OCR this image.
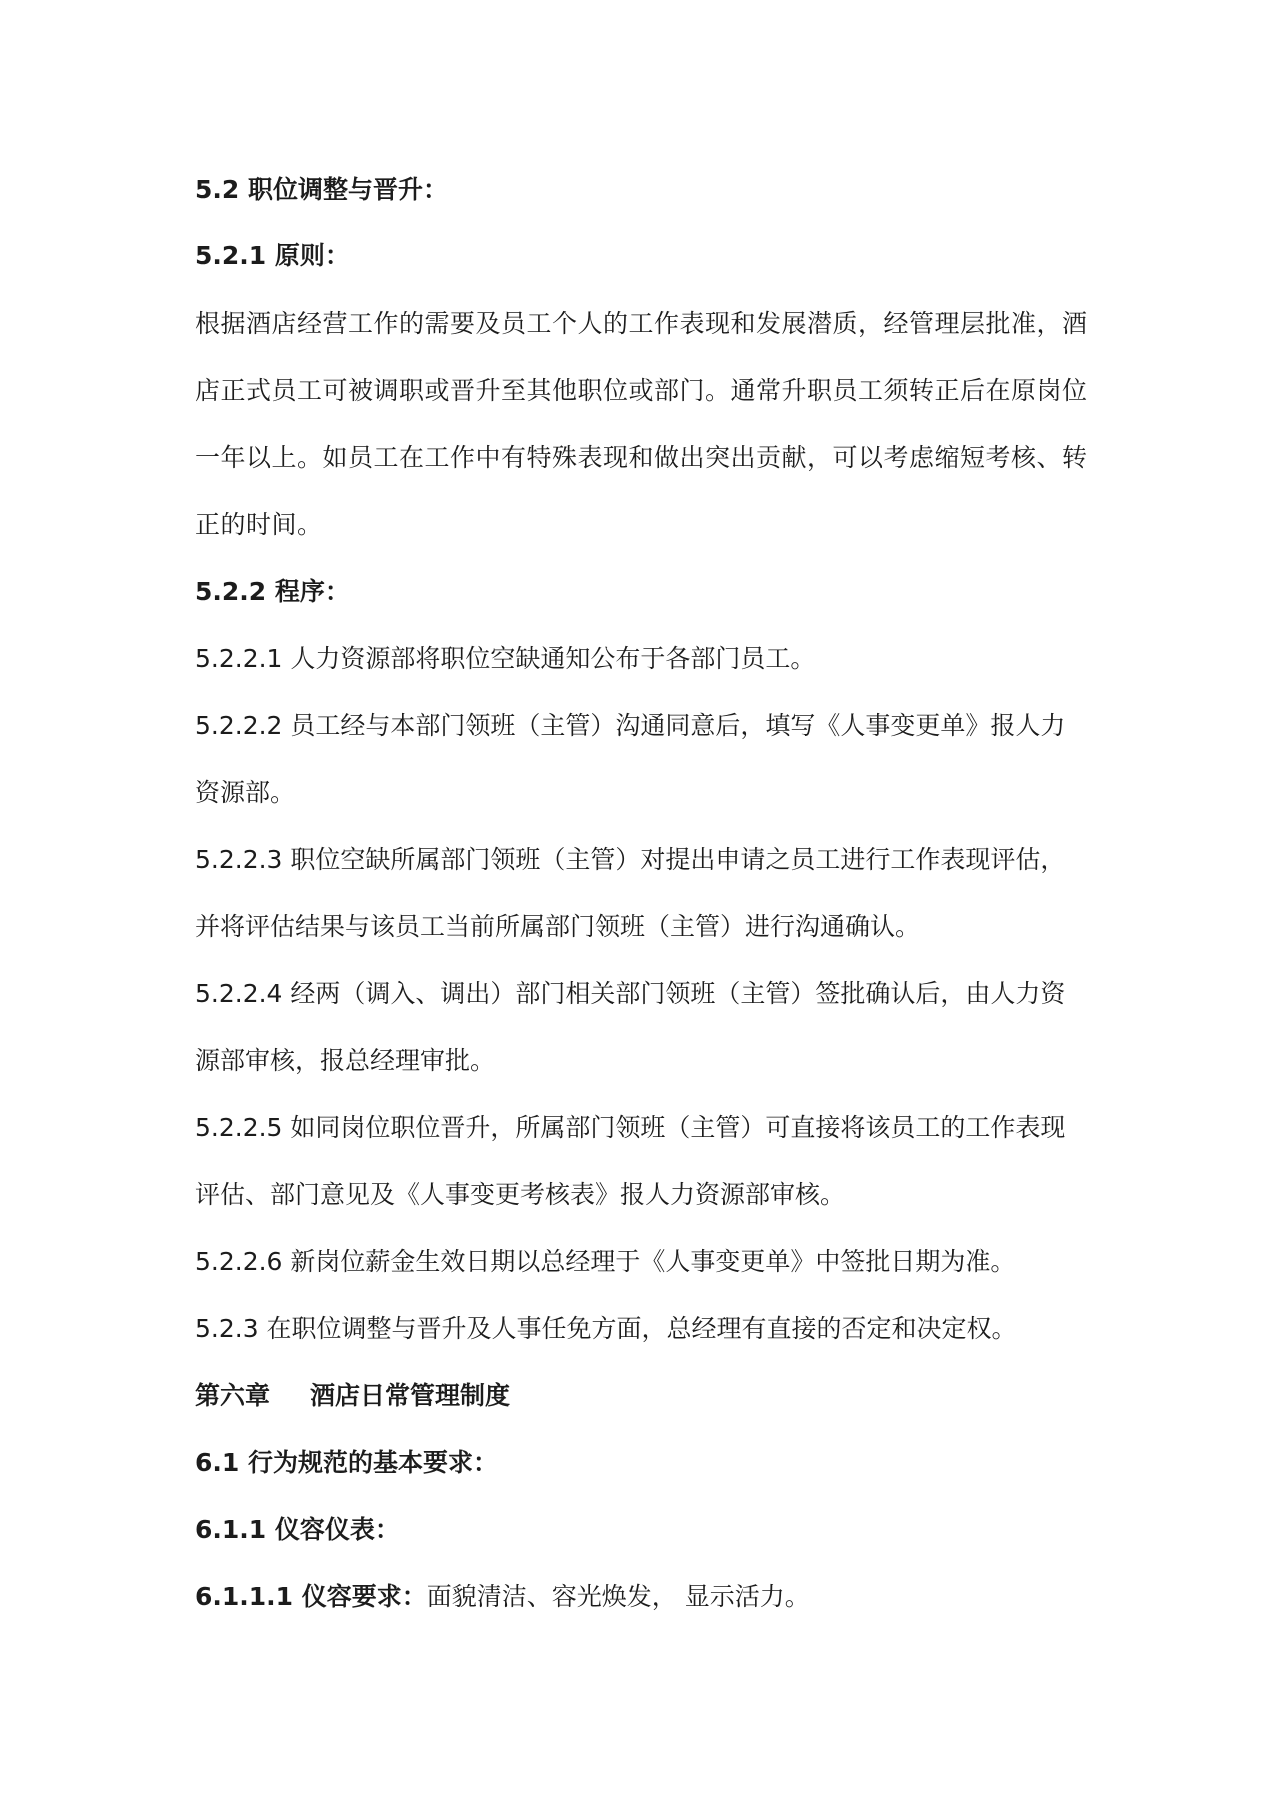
5.2 职位调整与晋升：

5.2.1 原则：

根据酒店经营工作的需要及员工个人的工作表现和发展潜质，经管理层批准，酒

店正式员工可被调职或晋升至其他职位或部门。通常升职员工须转正后在原岗位

一年以上。如员工在工作中有特殊表现和做出突出贡献，可以考虑缩短考核、转

正的时间。

5.2.2 程序：

5.2.2.1 人力资源部将职位空缺通知公布于各部门员工。

5.2.2.2 员工经与本部门领班（主管）沟通同意后，填写《人事变更单》报人力

资源部。

5.2.2.3 职位空缺所属部门领班（主管）对提出申请之员工进行工作表现评估，

并将评估结果与该员工当前所属部门领班（主管）进行沟通确认。

5.2.2.4 经两（调入、调出）部门相关部门领班（主管）签批确认后，由人力资

源部审核，报总经理审批。

5.2.2.5 如同岗位职位晋升，所属部门领班（主管）可直接将该员工的工作表现

评估、部门意见及《人事变更考核表》报人力资源部审核。

5.2.2.6 新岗位薪金生效日期以总经理于《人事变更单》中签批日期为准。

5.2.3 在职位调整与晋升及人事任免方面，总经理有直接的否定和决定权。

第六章 酒店日常管理制度

6.1 行为规范的基本要求：

6.1.1 仪容仪表：

6.1.1.1 仪容要求：面貌清洁、容光焕发， 显示活力。
